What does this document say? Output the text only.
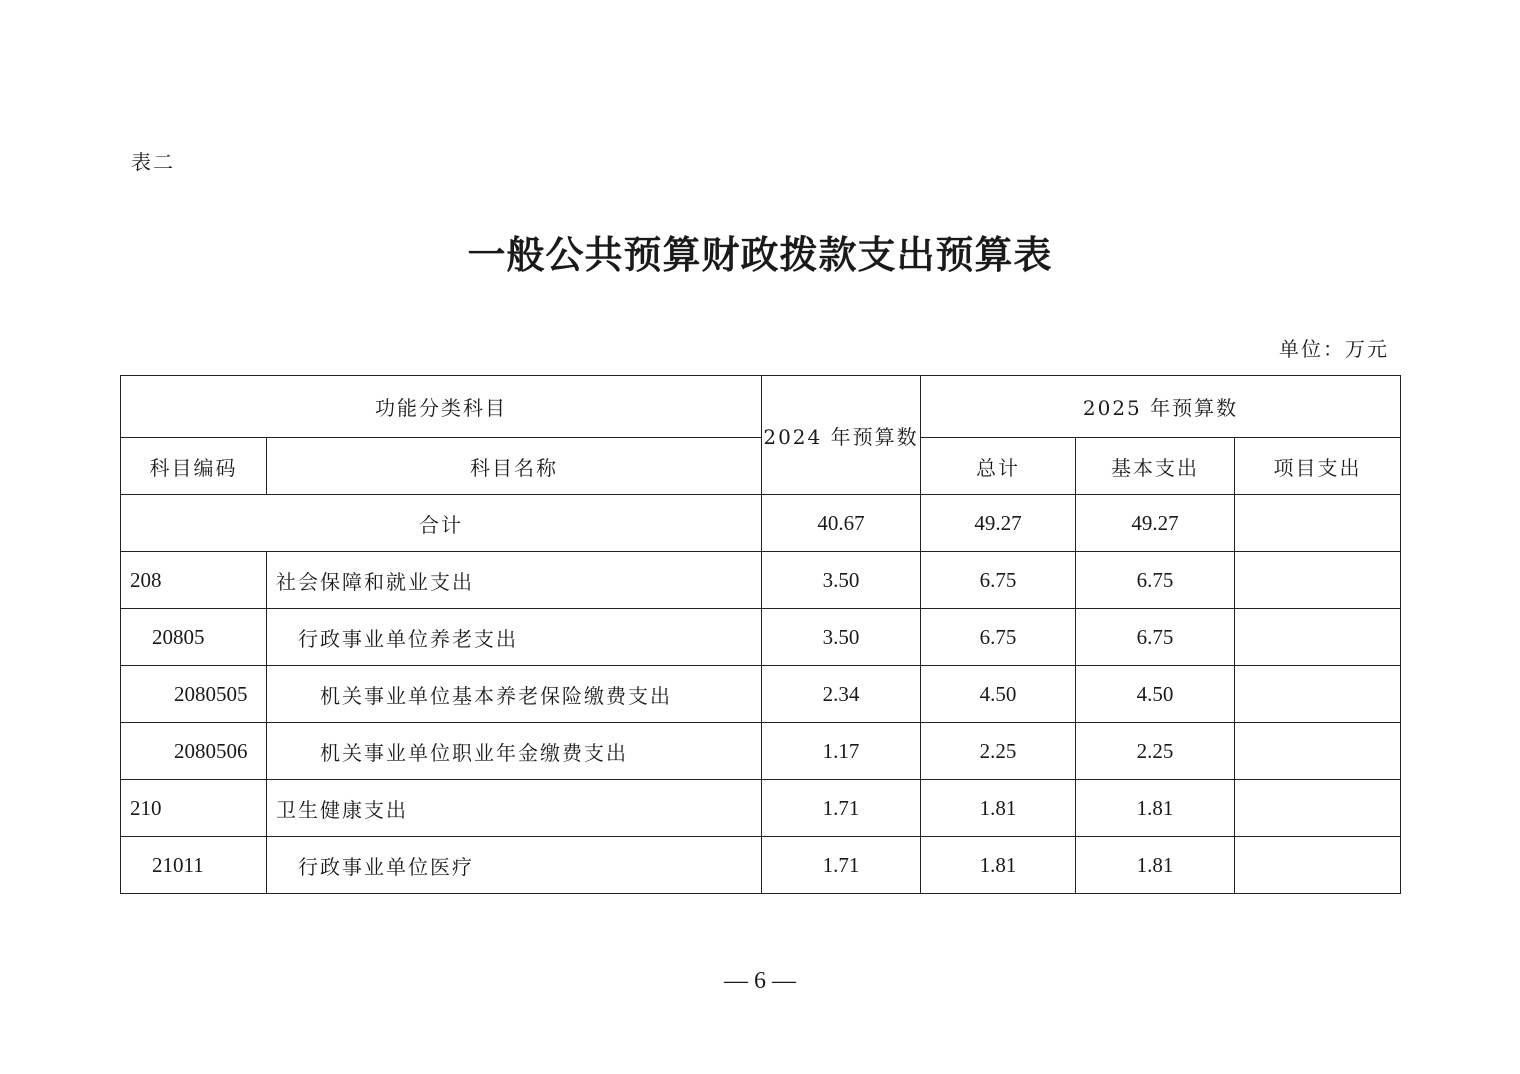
表二
一般公共预算财政拨款支出预算表
单位：万元
功能分类科目		2024 年预算数	2025 年预算数		
科目编码	科目名称		总计	基本支出	项目支出
合计		40.67	49.27	49.27	
208	社会保障和就业支出	3.50	6.75	6.75	
20805	行政事业单位养老支出	3.50	6.75	6.75	
2080505	机关事业单位基本养老保险缴费支出	2.34	4.50	4.50	
2080506	机关事业单位职业年金缴费支出	1.17	2.25	2.25	
210	卫生健康支出	1.71	1.81	1.81	
21011	行政事业单位医疗	1.71	1.81	1.81	
— 6 —
